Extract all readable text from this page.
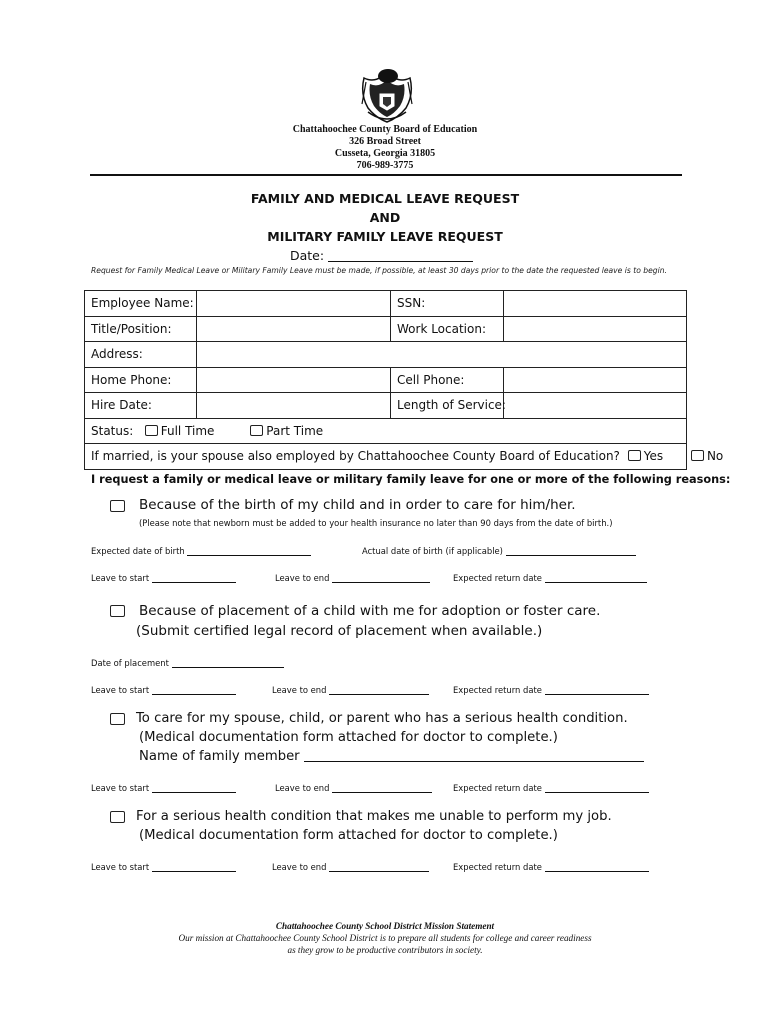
Chattahoochee County Board of Education
326 Broad Street
Cusseta, Georgia 31805
706-989-3775
FAMILY AND MEDICAL LEAVE REQUEST
AND
MILITARY FAMILY LEAVE REQUEST
Date:
Request for Family Medical Leave or Military Family Leave must be made, if possible, at least 30 days prior to the date the requested leave is to begin.
Employee Name:		SSN:	
Title/Position:		Work Location:	
Address:			
Home Phone:		Cell Phone:	
Hire Date:		Length of Service:	
Status: Full Time Part Time			
If married, is your spouse also employed by Chattahoochee County Board of Education? Yes No			
I request a family or medical leave or military family leave for one or more of the following reasons:
Because of the birth of my child and in order to care for him/her.
(Please note that newborn must be added to your health insurance no later than 90 days from the date of birth.)
Expected date of birth	Actual date of birth (if applicable)
Leave to start	Leave to end	Expected return date
Because of placement of a child with me for adoption or foster care.
(Submit certified legal record of placement when available.)
Date of placement
Leave to start	Leave to end	Expected return date
To care for my spouse, child, or parent who has a serious health condition.
(Medical documentation form attached for doctor to complete.)
Name of family member
Leave to start	Leave to end	Expected return date
For a serious health condition that makes me unable to perform my job.
(Medical documentation form attached for doctor to complete.)
Leave to start	Leave to end	Expected return date
Chattahoochee County School District Mission Statement
Our mission at Chattahoochee County School District is to prepare all students for college and career readiness
as they grow to be productive contributors in society.
